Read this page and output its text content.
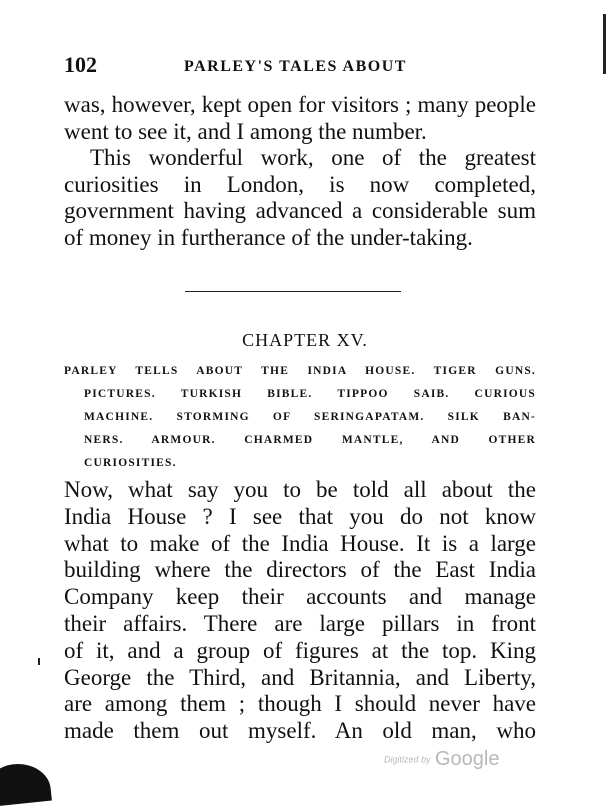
102	PARLEY'S TALES ABOUT

was, however, kept open for visitors ; many people went to see it, and I among the number.

This wonderful work, one of the greatest curiosities in London, is now completed, government having advanced a considerable sum of money in furtherance of the under-taking.

CHAPTER XV.
PARLEY TELLS ABOUT THE INDIA HOUSE. TIGER GUNS.
PICTURES. TURKISH BIBLE. TIPPOO SAIB. CURIOUS
MACHINE. STORMING OF SERINGAPATAM. SILK BAN-
NERS. ARMOUR. CHARMED MANTLE, AND OTHER
CURIOSITIES.
Now, what say you to be told all about the
India House ? I see that you do not know
what to make of the India House. It is a large
building where the directors of the East India
Company keep their accounts and manage
their affairs. There are large pillars in front
of it, and a group of figures at the top. King
George the Third, and Britannia, and Liberty,
are among them ; though I should never have
made them out myself. An old man, who
Digitized by Google
